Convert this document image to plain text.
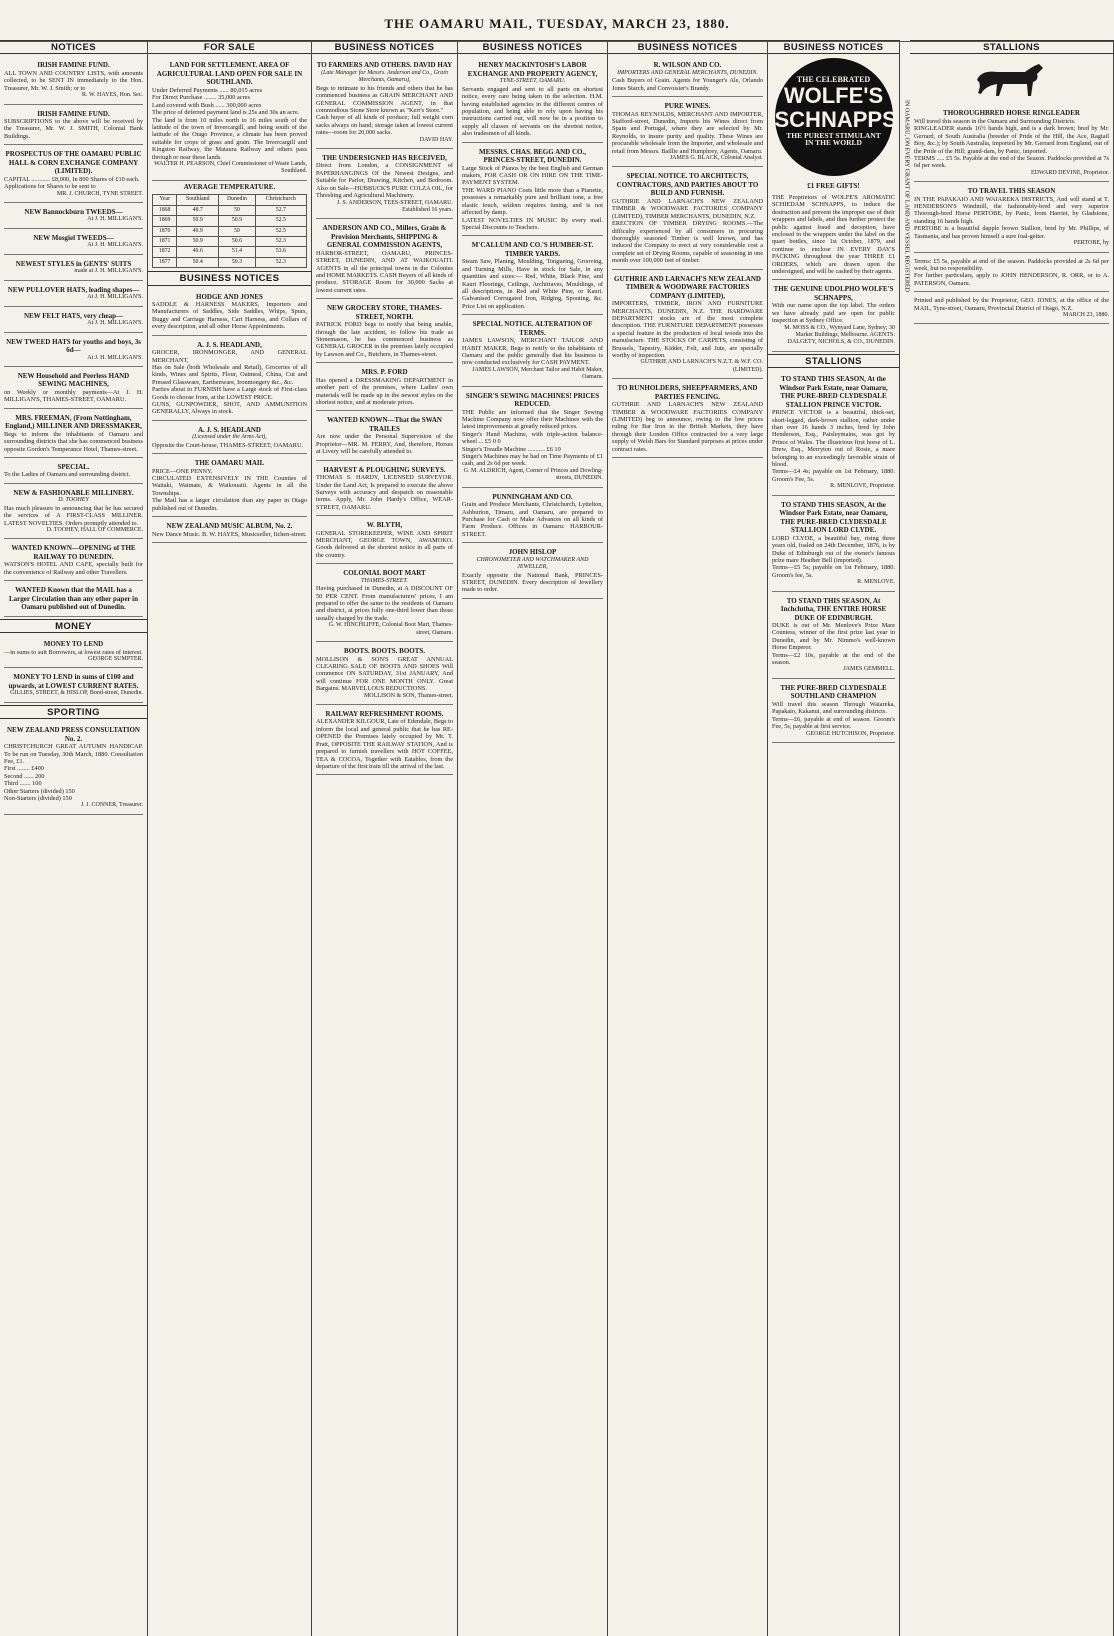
THE OAMARU MAIL, TUESDAY, MARCH 23, 1880.
NOTICES
IRISH FAMINE FUND.
ALL TOWN AND COUNTRY LISTS, with amounts collected, to be SENT IN immediately to the Hon. Treasurer, Mr. W. J. Smith; or to
R. W. HAYES, Hon. Sec.
IRISH FAMINE FUND.
SUBSCRIPTIONS to the above will be received by the Treasurer, Mr. W. J. SMITH, Colonial Bank Buildings.
PROSPECTUS OF THE OAMARU PUBLIC HALL & CORN EXCHANGE COMPANY (LIMITED).
CAPITAL ............ £8,000, In 800 Shares of £10 each.
Applications for Shares to be sent to
MR. J. CHURCH, TYNE STREET.
NEW Bannockburn TWEEDS—
At J. H. MILLIGAN'S.
NEW Mosgiel TWEEDS—
At J. H. MILLIGAN'S.
NEWEST STYLES in GENTS' SUITS
made at J. H. MILLIGAN'S.
NEW PULLOVER HATS, leading shapes—
At J. H. MILLIGAN'S.
NEW FELT HATS, very cheap—
At J. H. MILLIGAN'S.
NEW TWEED HATS for youths and boys, 3s 6d—
At J. H. MILLIGAN'S.
NEW Household and Peerless HAND SEWING MACHINES,
on Weekly or monthly payments—At J. H. MILLIGAN'S, THAMES-STREET, OAMARU.
MRS. FREEMAN, (From Nottingham, England,) MILLINER AND DRESSMAKER,
Begs to inform the inhabitants of Oamaru and surrounding districts that she has commenced business opposite Gordon's Temperance Hotel, Thames-street.
SPECIAL.
To the Ladies of Oamaru and surrounding district.
NEW & FASHIONABLE MILLINERY.
D. TOOHEY
Has much pleasure in announcing that he has secured the services of A FIRST-CLASS MILLINER. LATEST NOVELTIES. Orders promptly attended to.
D. TOOHEY, HALL OF COMMERCE.
WANTED KNOWN—OPENING of THE RAILWAY TO DUNEDIN.
WATSON'S HOTEL AND CAFE, specially built for the convenience of Railway and other Travellers.
WANTED Known that the MAIL has a Larger Circulation than any other paper in Oamaru published out of Dunedin.
MONEY
MONEY TO LEND
—in sums to suit Borrowers, at lowest rates of interest.
GEORGE SUMPTER.
MONEY TO LEND in sums of £100 and upwards, at LOWEST CURRENT RATES.
GILLIES, STREET, & HISLOP, Bond-street, Dunedin.
SPORTING
NEW ZEALAND PRESS CONSULTATION No. 2.
CHRISTCHURCH GREAT AUTUMN HANDICAP. To be run on Tuesday, 30th March, 1880. Consultation Fee, £1.
First ........ £400
Second ...... 200
Third ....... 100
Other Starters (divided) 150
Non-Starters (divided) 150
J. J. CONNER, Treasurer.
FOR SALE
LAND FOR SETTLEMENT. AREA OF AGRICULTURAL LAND OPEN FOR SALE IN SOUTHLAND.
Under Deferred Payments ...... 80,015 acres
For Direct Purchase ........ 35,000 acres
Land covered with Bush ...... 300,000 acres
The price of deferred payment land is 25s and 30s an acre.
The land is from 10 miles north to 16 miles south of the latitude of the town of Invercargill, and being south of the latitude of the Otago Province, a climate has been proved suitable for crops of grass and grain. The Invercargill and Kingston Railway, the Mataura Railway and others pass through or near these lands.
WALTER H. PEARSON, Chief Commissioner of Waste Lands, Southland.
AVERAGE TEMPERATURE.
Year	Southland	Dunedin	Christchurch
1868	48.7	50	52.7
1869	50.9	50.9	52.5
1870	49.9	50	52.5
1871	50.9	50.6	52.3
1872	49.6	51.4	53.6
1877	50.4	50.3	52.3
BUSINESS NOTICES
HODGE AND JONES
SADDLE & HARNESS MAKERS, Importers and Manufacturers of Saddles, Side Saddles, Whips, Spurs, Buggy and Carriage Harness, Cart Harness, and Collars of every description, and all other Horse Appointments.
A. J. S. HEADLAND,
GROCER, IRONMONGER, AND GENERAL MERCHANT,
Has on Sale (both Wholesale and Retail), Groceries of all kinds, Wines and Spirits, Flour, Oatmeal, China, Cut and Pressed Glassware, Earthenware, Ironmongery &c., &c.
Parties about to FURNISH have a Large stock of First-class Goods to choose from, at the LOWEST PRICE.
GUNS, GUNPOWDER, SHOT, AND AMMUNITION GENERALLY, Always in stock.
A. J. S. HEADLAND
(Licensed under the Arms Act),
Opposite the Court-house, THAMES-STREET, OAMARU.
THE OAMARU MAIL
PRICE—ONE PENNY.
CIRCULATED EXTENSIVELY IN THE Counties of Waitaki, Waimate, & Waikouaiti. Agents in all the Townships.
The Mail has a larger circulation than any paper in Otago published out of Dunedin.
NEW ZEALAND MUSIC ALBUM, No. 2.
New Dance Music. B. W. HAYES, Musicseller, Itchen-street.
BUSINESS NOTICES
TO FARMERS AND OTHERS. DAVID HAY
(Late Manager for Messrs. Anderson and Co., Grain Merchants, Oamaru),
Begs to intimate to his friends and others that he has commenced business as GRAIN MERCHANT AND GENERAL COMMISSION AGENT, in that commodious Stone Store known as "Kerr's Store."
Cash buyer of all kinds of produce; full weight corn sacks always on hand; storage taken at lowest current rates—room for 20,000 sacks.
DAVID HAY.
THE UNDERSIGNED HAS RECEIVED,
Direct from London, a CONSIGNMENT of PAPERHANGINGS Of the Newest Designs, and Suitable for Parlor, Drawing, Kitchen, and Bedroom. Also on Sale—HUBBUCK'S PURE COLZA OIL, for Threshing and Agricultural Machinery.
J. S. ANDERSON, TEES-STREET, OAMARU. Established 16 years.
ANDERSON AND CO., Millers, Grain & Provision Merchants, SHIPPING & GENERAL COMMISSION AGENTS,
HARBOR-STREET, OAMARU, PRINCES-STREET, DUNEDIN, AND AT WAIKOUAITI. AGENTS in all the principal towns in the Colonies and HOME MARKETS. CASH Buyers of all kinds of produce. STORAGE Room for 30,000 Sacks at lowest current rates.
NEW GROCERY STORE, THAMES-STREET, NORTH.
PATRICK FORD begs to notify that being unable, through the late accident, to follow his trade as Stonemason, he has commenced business as GENERAL GROCER in the premises lately occupied by Lawson and Co., Butchers, in Thames-street.
MRS. P. FORD
Has opened a DRESSMAKING DEPARTMENT in another part of the premises, where Ladies' own materials will be made up in the newest styles on the shortest notice, and at moderate prices.
WANTED KNOWN—That the SWAN TRAILES
Are now under the Personal Supervision of the Proprietor—MR. M. FERRY, And, therefore, Horses at Livery will be carefully attended to.
HARVEST & PLOUGHING SURVEYS.
THOMAS S. HARDY, LICENSED SURVEYOR. Under the Land Act, Is prepared to execute the above Surveys with accuracy and despatch on reasonable terms. Apply, Mr. John Hardy's Office, WEAR-STREET, OAMARU.
W. BLYTH,
GENERAL STOREKEEPER, WINE AND SPIRIT MERCHANT, GEORGE TOWN, AWAMOKO. Goods delivered at the shortest notice in all parts of the country.
COLONIAL BOOT MART
THAMES-STREET.
Having purchased in Dunedin, at A DISCOUNT OF 50 PER CENT. From manufacturers' prices, I am prepared to offer the same to the residents of Oamaru and district, at prices fully one-third lower than those usually charged by the trade.
G. W. HINCHLIFFE, Colonial Boot Mart, Thames-street, Oamaru.
BOOTS. BOOTS. BOOTS.
MOLLISON & SON'S GREAT ANNUAL CLEARING SALE OF BOOTS AND SHOES Will commence ON SATURDAY, 31st JANUARY, And will continue FOR ONE MONTH ONLY. Great Bargains. MARVELLOUS REDUCTIONS.
MOLLISON & SON, Thames-street.
RAILWAY REFRESHMENT ROOMS.
ALEXANDER KILGOUR, Late of Edendale, Begs to inform the local and general public that he has RE-OPENED the Premises lately occupied by Mr. T. Pratt, OPPOSITE THE RAILWAY STATION, And is prepared to furnish travellers with HOT COFFEE, TEA & COCOA, Together with Eatables, from the departure of the first train till the arrival of the last.
BUSINESS NOTICES
HENRY MACKINTOSH'S LABOR EXCHANGE AND PROPERTY AGENCY,
TYNE-STREET, OAMARU.
Servants engaged and sent to all parts on shortest notice, every care being taken in the selection. H.M. having established agencies in the different centres of population, and being able to rely upon having his instructions carried out, will now be in a position to supply all classes of servants on the shortest notice, also tradesmen of all kinds.
MESSRS. CHAS. BEGG AND CO., PRINCES-STREET, DUNEDIN.
Large Stock of Pianos by the best English and German makers, FOR CASH OR ON HIRE ON THE TIME-PAYMENT SYSTEM.
THE WARD PIANO Costs little more than a Pianette, possesses a remarkably pure and brilliant tone, a free elastic touch, seldom requires tuning, and is not affected by damp.
LATEST NOVELTIES IN MUSIC By every mail. Special Discounts to Teachers.
M'CALLUM AND CO.'S HUMBER-ST. TIMBER YARDS.
Steam Saw, Planing, Moulding, Tongueing, Grooving, and Turning Mills, Have in stock for Sale, in any quantities and sizes:— Red, White, Black Pine, and Kauri Floorings, Ceilings, Architraves, Mouldings, of all descriptions, in Red and White Pine, or Kauri. Galvanised Corrugated Iron, Ridging, Spouting, &c. Price List on application.
SPECIAL NOTICE. ALTERATION OF TERMS.
JAMES LAWSON, MERCHANT TAILOR AND HABIT MAKER, Begs to notify to the inhabitants of Oamaru and the public generally that his business is now conducted exclusively for CASH PAYMENT.
JAMES LAWSON, Merchant Tailor and Habit Maker, Oamaru.
SINGER'S SEWING MACHINES! PRICES REDUCED.
THE Public are informed that the Singer Sewing Machine Company now offer their Machines with the latest improvements at greatly reduced prices.
Singer's Hand Machine, with triple-action balance-wheel ... £5 0 0
Singer's Treadle Machine ........... £6 10
Singer's Machines may be had on Time Payments of £1 cash, and 2s 6d per week.
G. M. ALDRICH, Agent, Corner of Princes and Dowling-streets, DUNEDIN.
PUNNINGHAM AND CO.
Grain and Produce Merchants, Christchurch, Lyttelton, Ashburton, Timaru, and Oamaru, are prepared to Purchase for Cash or Make Advances on all kinds of Farm Produce. Offices in Oamaru: HARBOUR-STREET.
JOHN HISLOP
CHRONOMETER AND WATCHMAKER AND JEWELLER,
Exactly opposite the National Bank, PRINCES-STREET, DUNEDIN. Every description of Jewellery made to order.
BUSINESS NOTICES
R. WILSON AND CO.
IMPORTERS AND GENERAL MERCHANTS, DUNEDIN.
Cash Buyers of Grain. Agents for Younger's Ale, Orlando Jones Starch, and Convoisier's Brandy.
PURE WINES.
THOMAS REYNOLDS, MERCHANT AND IMPORTER, Stafford-street, Dunedin, Imports his Wines direct from Spain and Portugal, where they are selected by Mr. Reynolds, to insure purity and quality. These Wines are procurable wholesale from the Importer, and wholesale and retail from Messrs. Baillie and Humphrey, Agents, Oamaru.
JAMES G. BLACK, Colonial Analyst.
SPECIAL NOTICE. TO ARCHITECTS, CONTRACTORS, AND PARTIES ABOUT TO BUILD AND FURNISH.
GUTHRIE AND LARNACH'S NEW ZEALAND TIMBER & WOODWARE FACTORIES COMPANY (LIMITED), TIMBER MERCHANTS, DUNEDIN, N.Z.
ERECTION OF TIMBER DRYING ROOMS.—The difficulty experienced by all consumers in procuring thoroughly seasoned Timber is well known, and has induced the Company to erect at very considerable cost a complete set of Drying Rooms, capable of seasoning in one month over 100,000 feet of timber.
GUTHRIE AND LARNACH'S NEW ZEALAND TIMBER & WOODWARE FACTORIES COMPANY (LIMITED),
IMPORTERS, TIMBER, IRON AND FURNITURE MERCHANTS, DUNEDIN, N.Z. THE HARDWARE DEPARTMENT stocks are of the most complete description. THE FURNITURE DEPARTMENT possesses a special feature in the production of local woods into the manufacture. THE STOCKS OF CARPETS, consisting of Brussels, Tapestry, Kidder, Felt, and Jute, are specially worthy of inspection.
GUTHRIE AND LARNACH'S N.Z.T. & W.F. CO. (LIMITED).
TO RUNHOLDERS, SHEEPFARMERS, AND PARTIES FENCING.
GUTHRIE AND LARNACH'S NEW ZEALAND TIMBER & WOODWARE FACTORIES COMPANY (LIMITED) beg to announce, owing to the low prices ruling for Bar Iron in the British Markets, they have through their London Office contracted for a very large supply of Welsh Bars for Standard purposes at prices under contract rates.
BUSINESS NOTICES
THE CELEBRATED
WOLFE'S
SCHNAPPS
THE PUREST STIMULANT
IN THE WORLD
£1 FREE GIFTS!
THE Proprietors of WOLFE'S AROMATIC SCHIEDAM SCHNAPPS, to induce the destruction and prevent the improper use of their wrappers and labels, and thus further protect the public against fraud and deception, have enclosed in the wrappers under the label on the quart bottles, since 1st October, 1879, and continue to enclose IN EVERY DAY'S PACKING throughout the year THREE £1 ORDERS, which are drawn upon the undersigned, and will be cashed by their agents.
THE GENUINE UDOLPHO WOLFE'S SCHNAPPS,
With our name upon the top label. The orders we have already paid are open for public inspection at Sydney Office.
M. MOSS & CO., Wynyard Lane, Sydney; 30 Market Buildings, Melbourne. AGENTS: DALGETY, NICHOLS, & CO., DUNEDIN.
STALLIONS
TO STAND THIS SEASON, At the Windsor Park Estate, near Oamaru, THE PURE-BRED CLYDESDALE STALLION PRINCE VICTOR.
PRINCE VICTOR is a beautiful, thick-set, short-legged, dark-brown stallion, rather under than over 16 hands 3 inches, bred by John Henderson, Esq., Paisleymains, was got by Prince of Wales. The illustrious first horse of L. Drew, Esq., Merryton out of Rosie, a mare belonging to an exceedingly favorable strain of blood.
Terms—£4 4s; payable on 1st February, 1880. Groom's Fee, 5s.
R. MENLOVE, Proprietor.
TO STAND THIS SEASON, At the Windsor Park Estate, near Oamaru, THE PURE-BRED CLYDESDALE STALLION LORD CLYDE.
LORD CLYDE, a beautiful bay, rising three years old, foaled on 24th December, 1876, is by Duke of Edinburgh out of the owner's famous prize mare Heather Bell (imported).
Terms—£5 5s; payable on 1st February, 1880. Groom's fee, 5s.
R. MENLOVE.
TO STAND THIS SEASON, At Inchclutha, THE ENTIRE HORSE DUKE OF EDINBURGH.
DUKE is out of Mr. Menlove's Prize Mare Countess, winner of the first prize last year in Dunedin, and by Mr. Nimmo's well-known Horse Emperor.
Terms—£2 10s, payable at the end of the season.
JAMES GEMMELL.
THE PURE-BRED CLYDESDALE SOUTHLAND CHAMPION
Will travel this season Through Waiareka, Papakaio, Kakanui, and surrounding districts.
Terms—£6, payable at end of season. Groom's Fee, 5s, payable at first service.
GEORGE HUTCHISON, Proprietor.
IN OAMARU, ON EVERY GRANT OF LAND AND VESSEL REGISTERED
STALLIONS
THOROUGHBRED HORSE RINGLEADER
Will travel this season in the Oamaru and Surrounding Districts.
RINGLEADER stands 16½ hands high, and is a dark brown; bred by Mr. Gerrard, of South Australia (breeder of Pride of the Hill, the Ace, Ragtail Boy, &c.); by South Australia, imported by Mr. Gerrard from England, out of the Pride of the Hill; grand-dam, by Panic, imported.
TERMS ..... £5 5s. Payable at the end of the Season. Paddocks provided at 7s 6d per week.
EDWARD DEVINE, Proprietor.
TO TRAVEL THIS SEASON
IN THE PAPAKAIO AND WAIAREKA DISTRICTS, And will stand at T. HENDERSON'S Windmill, the fashionably-bred and very superior Thorough-bred Horse PERTOBE, by Panic, from Harriet, by Gladstone, standing 16 hands high.
PERTOBE is a beautiful dapple brown Stallion, bred by Mr. Phillips, of Tasmania, and has proven himself a sure foal-getter.
PERTOBE, by
Terms: £5 5s, payable at end of the season. Paddocks provided at 2s 6d per week, but no responsibility.
For further particulars, apply to JOHN HENDERSON, R. ORR, or to A. PATERSON, Oamaru.
Printed and published by the Proprietor, GEO. JONES, at the office of the MAIL, Tyne-street, Oamaru, Provincial District of Otago, N.Z.
MARCH 23, 1880.
